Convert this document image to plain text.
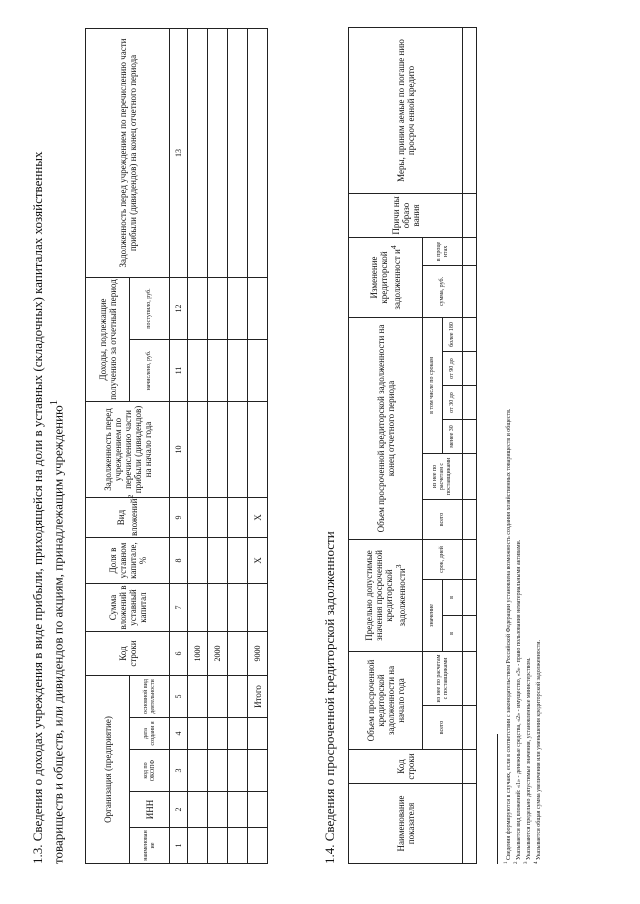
1.3. Сведения о доходах учреждения в виде прибыли, приходящейся на доли в уставных (складочных) капиталах хозяйственных товариществ и обществ, или дивидендов по акциям, принадлежащим учреждению$^1$
Организация (предприятие)					Код строки	Сумма вложений в уставный капитал	Доля в уставном капитале, %	Вид вложений$^2$	Задолженность перед учреждением по перечислению части прибыли (дивидендов) на начало года	Доходы, подлежащие получению за отчетный период		Задолженность перед учреждением по перечислению части прибыли (дивидендов) на конец отчетного периода
наименован ие	ИНН	код по ОКОПФ	дата создани я	основной вид деятельности						начислено, руб.	поступило, руб.	
1	2	3	4	5	6	7	8	9	10	11	12	13
					1000							
					2000							

				Итого	9000		X	X				
1.4. Сведения о просроченной кредиторской задолженности	Наименование показателя	Код строки	Объем просроченной кредиторской задолженности на начало года		Предельно допустимые значения просроченной кредиторской задолженности$^3$			Объем просроченной кредиторской задолженности на конец отчетного периода						Изменение кредиторской задолженност $и^4$		Причи ны образо вания	Меры, приним аемые по погаше нию просроч енной кредито
		всего	из нее по расчетам с поставщиками	значение		срок, дней	всего	из нее по расчетам с поставщиками	в том числе по срокам				сумма, руб.	в проце нтах		
				в	в				менее 30	от 30 до	от 90 до	более 180				

$^1$ Сведения формируются в случаях, если в соответствии с законодательством Российской Федерации установлена возможность создания хозяйственных товариществ и обществ.
$^2$ Указывается вид вложений: «1» - денежные средства, «2» - имущество, «3» - право пользования нематериальными активами.
$^3$ Указываются предельно допустимые значения, установленные министерством.
$^4$ Указывается общая сумма увеличения или уменьшения кредиторской задолженности.
